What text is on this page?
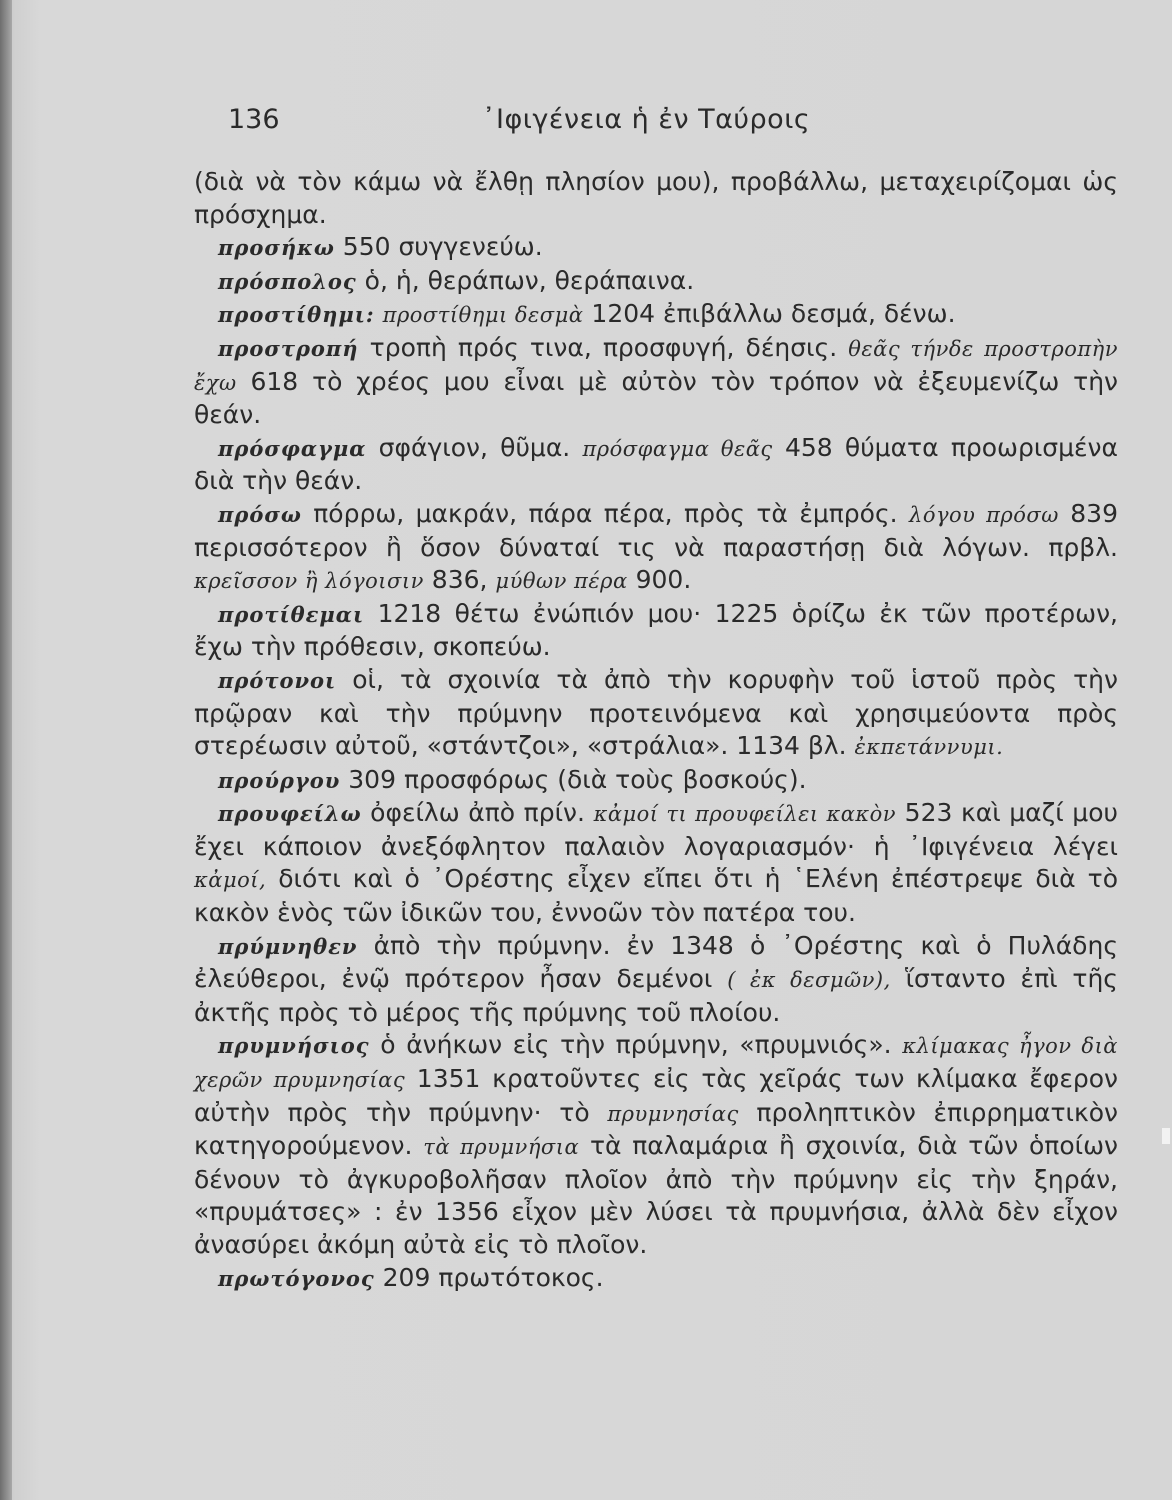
136	᾿Ιφιγένεια ἡ ἐν Ταύροις

(διὰ νὰ τὸν κάμω νὰ ἔλθῃ πλησίον μου), προβάλλω, μεταχειρίζομαι ὡς πρόσχημα.

προσήκω 550 συγγενεύω.

πρόσπολος ὁ, ἡ, θεράπων, θεράπαινα.

προστίθημι: προστίθημι δεσμὰ 1204 ἐπιβάλλω δεσμά, δένω.

προστροπή τροπὴ πρός τινα, προσφυγή, δέησις. θεᾶς τήνδε προστροπὴν ἔχω 618 τὸ χρέος μου εἶναι μὲ αὐτὸν τὸν τρόπον νὰ ἐξευμενίζω τὴν θεάν.

πρόσφαγμα σφάγιον, θῦμα. πρόσφαγμα θεᾶς 458 θύματα προωρισμένα διὰ τὴν θεάν.

πρόσω πόρρω, μακράν, πάρα πέρα, πρὸς τὰ ἐμπρός. λόγου πρόσω 839 περισσότερον ἢ ὅσον δύναταί τις νὰ παραστήσῃ διὰ λόγων. πρβλ. κρεῖσσον ἢ λόγοισιν 836, μύθων πέρα 900.

προτίθεμαι 1218 θέτω ἐνώπιόν μου· 1225 ὁρίζω ἐκ τῶν προτέρων, ἔχω τὴν πρόθεσιν, σκοπεύω.

πρότονοι οἱ, τὰ σχοινία τὰ ἀπὸ τὴν κορυφὴν τοῦ ἱστοῦ πρὸς τὴν πρῷραν καὶ τὴν πρύμνην προτεινόμενα καὶ χρησιμεύοντα πρὸς στερέωσιν αὐτοῦ, «στάντζοι», «στράλια». 1134 βλ. ἐκπετάννυμι.

προύργου 309 προσφόρως (διὰ τοὺς βοσκούς).

προυφείλω ὀφείλω ἀπὸ πρίν. κἀμοί τι προυφείλει κακὸν 523 καὶ μαζί μου ἔχει κάποιον ἀνεξόφλητον παλαιὸν λογαριασμόν· ἡ ᾿Ιφιγένεια λέγει κἀμοί, διότι καὶ ὁ ᾿Ορέστης εἶχεν εἴπει ὅτι ἡ ῾Ελένη ἐπέστρεψε διὰ τὸ κακὸν ἑνὸς τῶν ἰδικῶν του, ἐννοῶν τὸν πατέρα του.

πρύμνηθεν ἀπὸ τὴν πρύμνην. ἐν 1348 ὁ ᾿Ορέστης καὶ ὁ Πυλάδης ἐλεύθεροι, ἐνῷ πρότερον ἦσαν δεμένοι ( ἐκ δεσμῶν), ἵσταντο ἐπὶ τῆς ἀκτῆς πρὸς τὸ μέρος τῆς πρύμνης τοῦ πλοίου.

πρυμνήσιος ὁ ἀνήκων εἰς τὴν πρύμνην, «πρυμνιός». κλίμακας ἦγον διὰ χερῶν πρυμνησίας 1351 κρατοῦντες εἰς τὰς χεῖράς των κλίμακα ἔφερον αὐτὴν πρὸς τὴν πρύμνην· τὸ πρυμνησίας προληπτικὸν ἐπιρρηματικὸν κατηγορούμενον. τὰ πρυμνήσια τὰ παλαμάρια ἢ σχοινία, διὰ τῶν ὁποίων δένουν τὸ ἀγκυροβολῆσαν πλοῖον ἀπὸ τὴν πρύμνην εἰς τὴν ξηράν, «πρυμάτσες» : ἐν 1356 εἶχον μὲν λύσει τὰ πρυμνήσια, ἀλλὰ δὲν εἶχον ἀνασύρει ἀκόμη αὐτὰ εἰς τὸ πλοῖον.

πρωτόγονος 209 πρωτότοκος.
